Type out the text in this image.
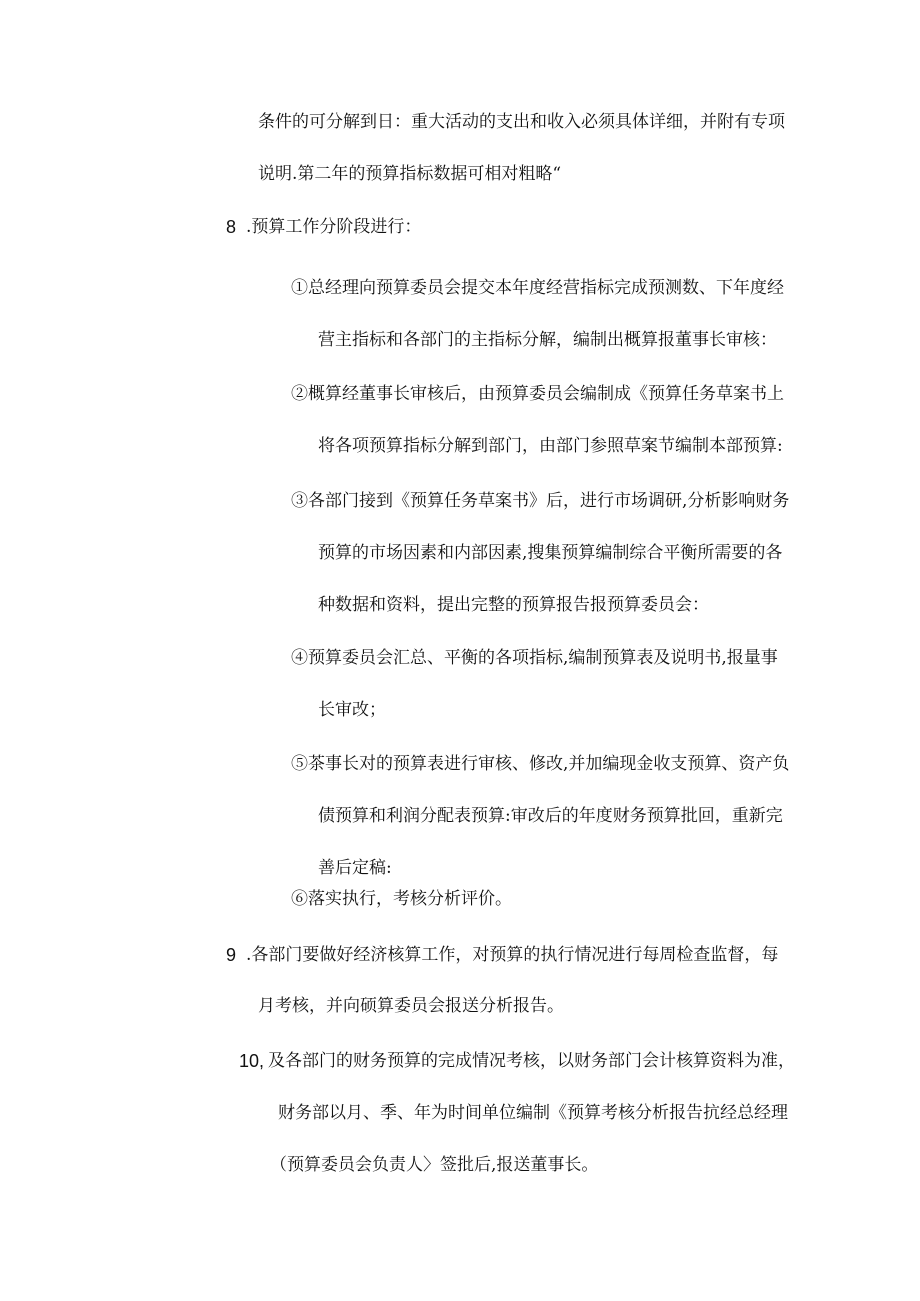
条件的可分解到日：重大活动的支出和收入必须具体详细，并附有专项
说明.第二年的预算指标数据可相对粗略“
8 .预算工作分阶段进行：
①总经理向预算委员会提交本年度经营指标完成预测数、下年度经
营主指标和各部门的主指标分解，编制出概算报董事长审核：
②概算经董事长审核后，由预算委员会编制成《预算任务草案书上
将各项预算指标分解到部门，由部门参照草案节编制本部预算:
③各部门接到《预算任务草案书》后，进行市场调研,分析影响财务
预算的市场因素和内部因素,搜集预算编制综合平衡所需要的各
种数据和资料，提出完整的预算报告报预算委员会：
④预算委员会汇总、平衡的各项指标,编制预算表及说明书,报量事
长审改；
⑤茶事长对的预算表进行审核、修改,并加编现金收支预算、资产负
债预算和利润分配表预算:审改后的年度财务预算批回，重新完
善后定稿:
⑥落实执行，考核分析评价。
9 .各部门要做好经济核算工作，对预算的执行情况进行每周检查监督，每
月考核，并向硕算委员会报送分析报告。
10, 及各部门的财务预算的完成情况考核，以财务部门会计核算资料为准，
财务部以月、季、年为时间单位编制《预算考核分析报告抗经总经理
（预算委员会负责人〉签批后,报送董事长。
